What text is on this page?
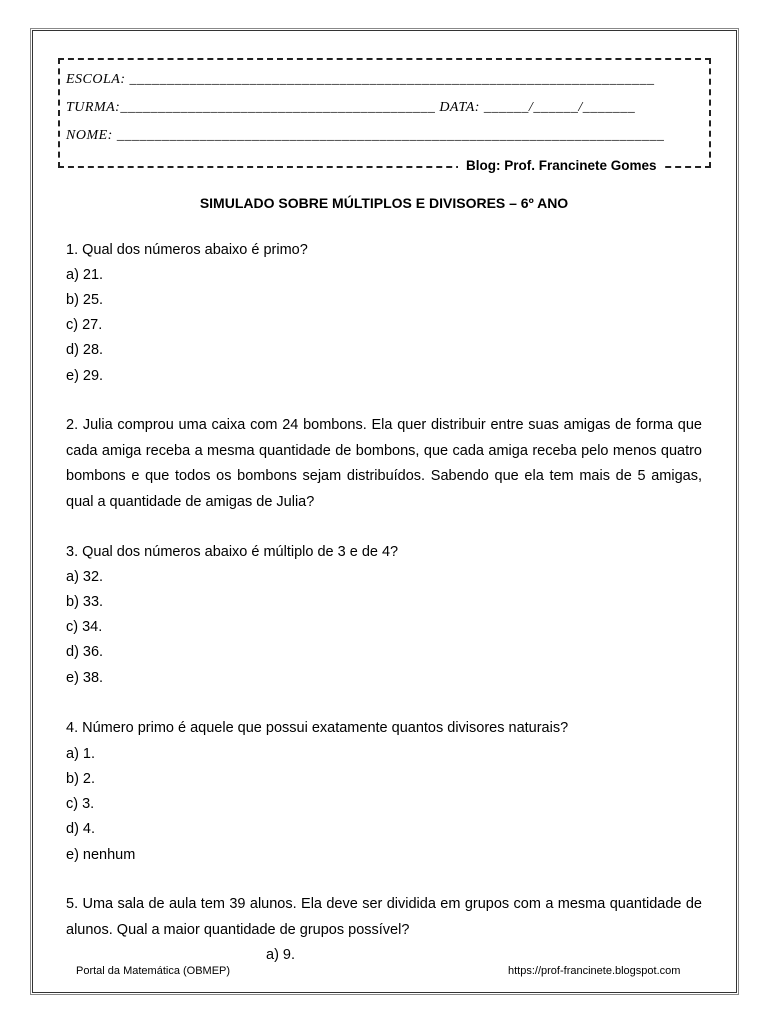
ESCOLA: ______________________________________________________________________
TURMA:__________________________________________ DATA: ______/______/_______
NOME: _________________________________________________________________________
Blog: Prof. Francinete Gomes
SIMULADO SOBRE MÚLTIPLOS E DIVISORES – 6º ANO
1. Qual dos números abaixo é primo?
a) 21.
b) 25.
c) 27.
d) 28.
e) 29.
2. Julia comprou uma caixa com 24 bombons. Ela quer distribuir entre suas amigas de forma que cada amiga receba a mesma quantidade de bombons, que cada amiga receba pelo menos quatro bombons e que todos os bombons sejam distribuídos. Sabendo que ela tem mais de 5 amigas, qual a quantidade de amigas de Julia?
3. Qual dos números abaixo é múltiplo de 3 e de 4?
a) 32.
b) 33.
c) 34.
d) 36.
e) 38.
4. Número primo é aquele que possui exatamente quantos divisores naturais?
a) 1.
b) 2.
c) 3.
d) 4.
e) nenhum
5. Uma sala de aula tem 39 alunos. Ela deve ser dividida em grupos com a mesma quantidade de alunos. Qual a maior quantidade de grupos possível?
a) 9.
Portal da Matemática (OBMEP)	https://prof-francinete.blogspot.com
